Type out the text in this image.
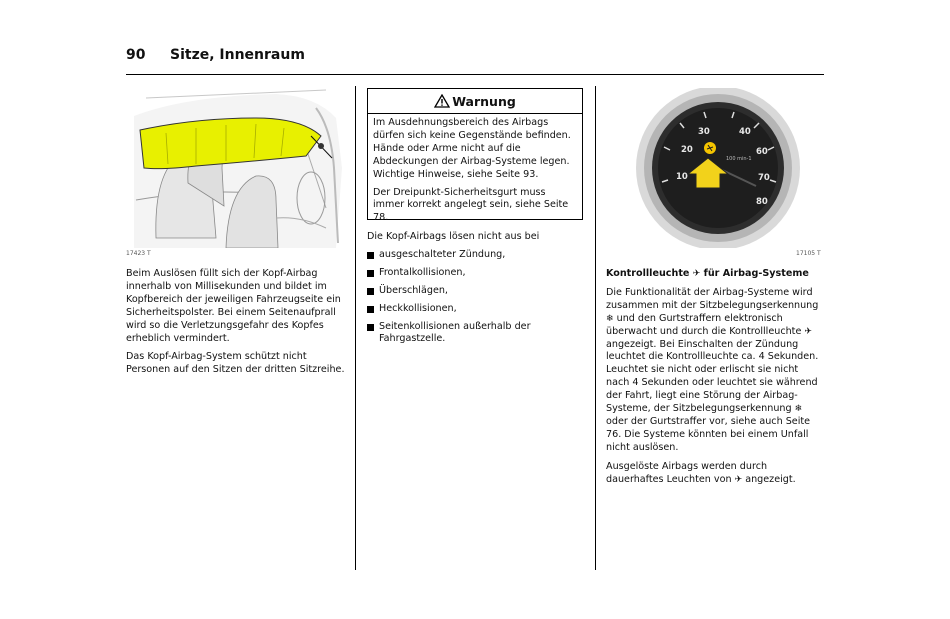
90 Sitze, Innenraum
17423 T

Beim Auslösen füllt sich der Kopf-Airbag innerhalb von Millisekunden und bildet im Kopfbereich der jeweiligen Fahrzeugseite ein Sicherheitspolster. Bei einem Seitenaufprall wird so die Verletzungsgefahr des Kopfes erheblich vermindert.

Das Kopf-Airbag-System schützt nicht Personen auf den Sitzen der dritten Sitzreihe.

Warnung

Im Ausdehnungsbereich des Airbags dürfen sich keine Gegenstände befinden. Hände oder Arme nicht auf die Abdeckungen der Airbag-Systeme legen. Wichtige Hinweise, siehe Seite 93.

Der Dreipunkt-Sicherheitsgurt muss immer korrekt angelegt sein, siehe Seite 78.

Die Kopf-Airbags lösen nicht aus bei

ausgeschalteter Zündung,
Frontalkollisionen,
Überschlägen,
Heckkollisionen,
Seitenkollisionen außerhalb der Fahrgastzelle.
10
20
30	40
60
70
80
100 min-1
17105 T

Kontrollleuchte ✈ für Airbag-Systeme

Die Funktionalität der Airbag-Systeme wird zusammen mit der Sitzbelegungserkennung ❄ und den Gurtstraffern elektronisch überwacht und durch die Kontrollleuchte ✈ angezeigt. Bei Einschalten der Zündung leuchtet die Kontrollleuchte ca. 4 Sekunden. Leuchtet sie nicht oder erlischt sie nicht nach 4 Sekunden oder leuchtet sie während der Fahrt, liegt eine Störung der Airbag-Systeme, der Sitzbelegungserkennung ❄ oder der Gurtstraffer vor, siehe auch Seite 76. Die Systeme könnten bei einem Unfall nicht auslösen.

Ausgelöste Airbags werden durch dauerhaftes Leuchten von ✈ angezeigt.
